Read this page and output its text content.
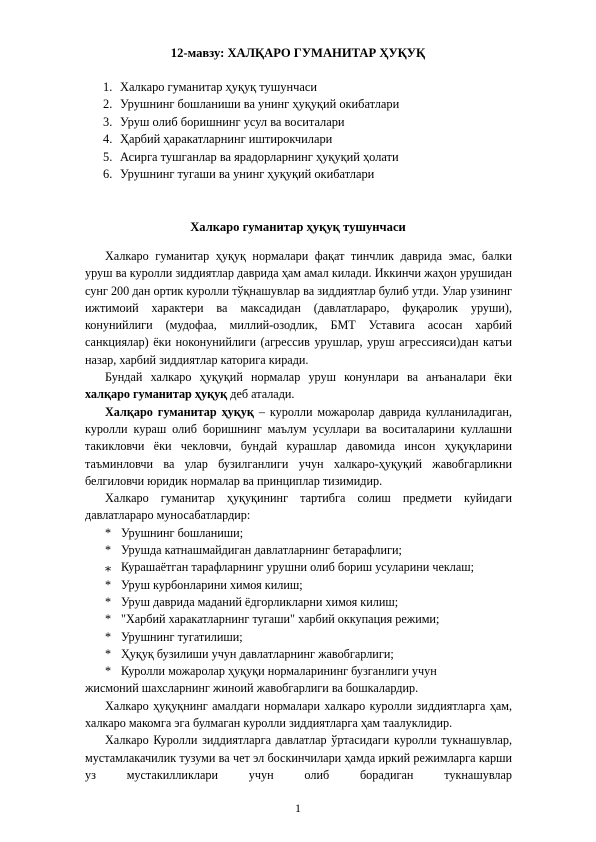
12-мавзу: ХАЛҚАРО ГУМАНИТАР ҲУҚУҚ
1. Халкаро гуманитар ҳуқуқ тушунчаси
2. Урушнинг бошланиши ва унинг ҳуқуқий окибатлари
3. Уруш олиб боришнинг усул ва воситалари
4. Ҳарбий ҳаракатларнинг иштирокчилари
5. Асирга тушганлар ва ярадорларнинг ҳуқуқий ҳолати
6. Урушнинг тугаши ва унинг ҳуқуқий окибатлари
Халкаро гуманитар ҳуқуқ тушунчаси

Халкаро гуманитар ҳуқуқ нормалари фақат тинчлик даврида эмас, балки уруш ва куролли зиддиятлар даврида ҳам амал килади. Иккинчи жаҳон урушидан сунг 200 дан ортик куролли тўқнашувлар ва зиддиятлар булиб утди. Улар узининг ижтимоий характери ва максадидан (давлатлараро, фуқаролик уруши), конунийлиги (мудофаа, миллий-озодлик, БМТ Уставига асосан харбий санкциялар) ёки ноконунийлиги (агрессив урушлар, уруш агрессияси)дан катъи назар, харбий зиддиятлар каторига киради.

Бундай халкаро ҳуқуқий нормалар уруш конунлари ва анъаналари ёки халқаро гуманитар ҳуқуқ деб аталади.

Халқаро гуманитар ҳуқуқ – куролли можаролар даврида кулланиладиган, куролли кураш олиб боришнинг маълум усуллари ва воситаларини куллашни такикловчи ёки чекловчи, бундай курашлар давомида инсон ҳуқуқларини таъминловчи ва улар бузилганлиги учун халкаро-ҳуқуқий жавобгарликни белгиловчи юридик нормалар ва принциплар тизимидир.

Халкаро гуманитар ҳуқуқининг тартибга солиш предмети куйидаги давлатлараро муносабатлардир:

* Урушнинг бошланиши;
* Урушда катнашмайдиган давлатларнинг бетарафлиги;
⁎ Курашаётган тарафларнинг урушни олиб бориш усуларини чеклаш;
* Уруш курбонларини химоя килиш;
* Уруш даврида маданий ёдгорликларни химоя килиш;
* "Харбий харакатларнинг тугаши" харбий оккупация режими;
* Урушнинг тугатилиши;
* Ҳуқуқ бузилиши учун давлатларнинг жавобгарлиги;
* Куролли можаролар ҳуқуқи нормаларининг бузганлиги учун
жисмоний шахсларнинг жиноий жавобгарлиги ва бошкалардир.

Халкаро ҳуқуқнинг амалдаги нормалари халкаро куролли зиддиятларга ҳам, халкаро макомга эга булмаган куролли зиддиятларга ҳам таалуклидир.

Халкаро Куролли зиддиятларга давлатлар ўртасидаги куролли тукнашувлар, мустамлакачилик тузуми ва чет эл боскинчилари ҳамда иркий режимларга карши уз мустакилликлари учун олиб борадиган тукнашувлар

1
